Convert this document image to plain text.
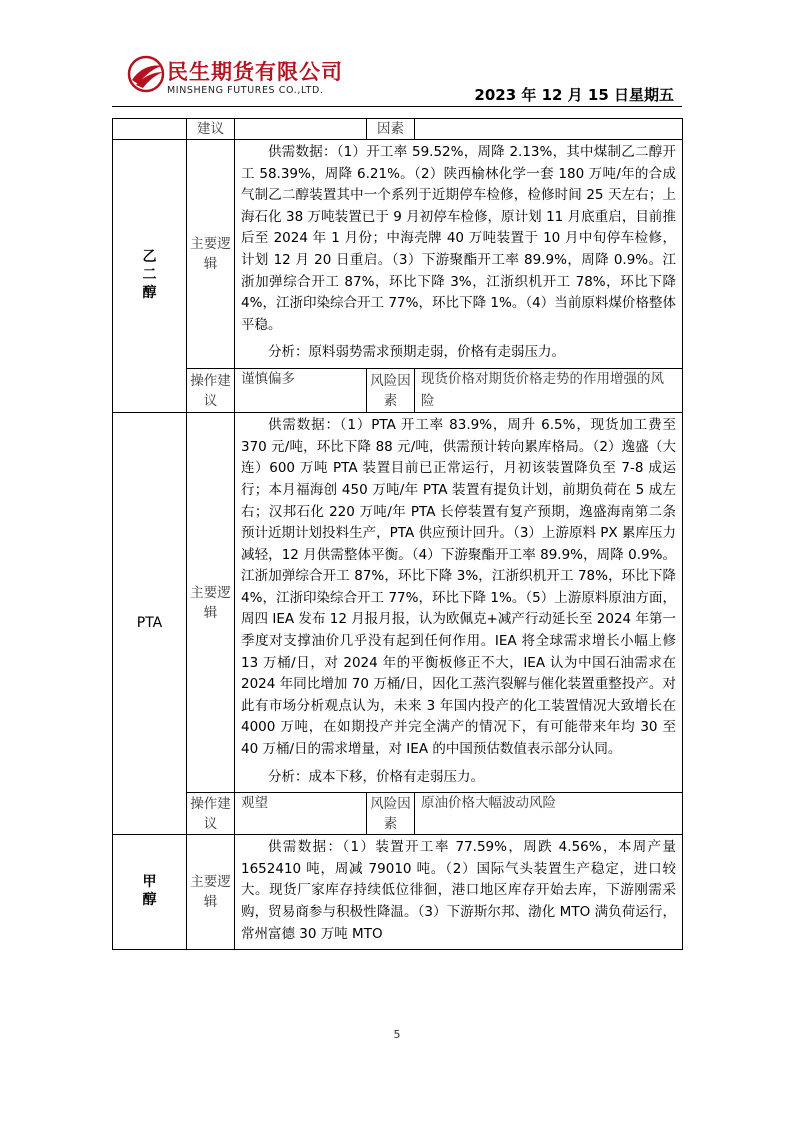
民生期货有限公司
MINSHENG FUTURES CO.,LTD.	2023 年 12 月 15 日星期五
	建议		因素	
乙二醇	主要逻辑	供需数据：（1）开工率 59.52%，周降 2.13%，其中煤制乙二醇开工 58.39%，周降 6.21%。（2）陕西榆林化学一套 180 万吨/年的合成气制乙二醇装置其中一个系列于近期停车检修，检修时间 25 天左右；上海石化 38 万吨装置已于 9 月初停车检修，原计划 11 月底重启，目前推后至 2024 年 1 月份；中海壳牌 40 万吨装置于 10 月中旬停车检修，计划 12 月 20 日重启。（3）下游聚酯开工率 89.9%，周降 0.9%。江浙加弹综合开工 87%，环比下降 3%，江浙织机开工 78%，环比下降 4%，江浙印染综合开工 77%，环比下降 1%。（4）当前原料煤价格整体平稳。

分析：原料弱势需求预期走弱，价格有走弱压力。		

	操作建议	谨慎偏多	风险因素	现货价格对期货价格走势的作用增强的风险
PTA	主要逻辑	供需数据：（1）PTA 开工率 83.9%，周升 6.5%，现货加工费至 370 元/吨，环比下降 88 元/吨，供需预计转向累库格局。（2）逸盛（大连）600 万吨 PTA 装置目前已正常运行，月初该装置降负至 7-8 成运行；本月福海创 450 万吨/年 PTA 装置有提负计划，前期负荷在 5 成左右；汉邦石化 220 万吨/年 PTA 长停装置有复产预期，逸盛海南第二条预计近期计划投料生产，PTA 供应预计回升。（3）上游原料 PX 累库压力减轻，12 月供需整体平衡。（4）下游聚酯开工率 89.9%，周降 0.9%。江浙加弹综合开工 87%，环比下降 3%，江浙织机开工 78%，环比下降 4%，江浙印染综合开工 77%，环比下降 1%。（5）上游原料原油方面，周四 IEA 发布 12 月报月报，认为欧佩克+减产行动延长至 2024 年第一季度对支撑油价几乎没有起到任何作用。IEA 将全球需求增长小幅上修 13 万桶/日，对 2024 年的平衡板修正不大，IEA 认为中国石油需求在 2024 年同比增加 70 万桶/日，因化工蒸汽裂解与催化装置重整投产。对此有市场分析观点认为，未来 3 年国内投产的化工装置情况大致增长在 4000 万吨，在如期投产并完全满产的情况下，有可能带来年均 30 至 40 万桶/日的需求增量，对 IEA 的中国预估数值表示部分认同。

分析：成本下移，价格有走弱压力。		

	操作建议	观望	风险因素	原油价格大幅波动风险
甲醇	主要逻辑	供需数据：（1）装置开工率 77.59%，周跌 4.56%，本周产量 1652410 吨，周减 79010 吨。（2）国际气头装置生产稳定，进口较大。现货厂家库存持续低位徘徊，港口地区库存开始去库，下游刚需采购，贸易商参与积极性降温。（3）下游斯尔邦、渤化 MTO 满负荷运行，常州富德 30 万吨 MTO		

5
